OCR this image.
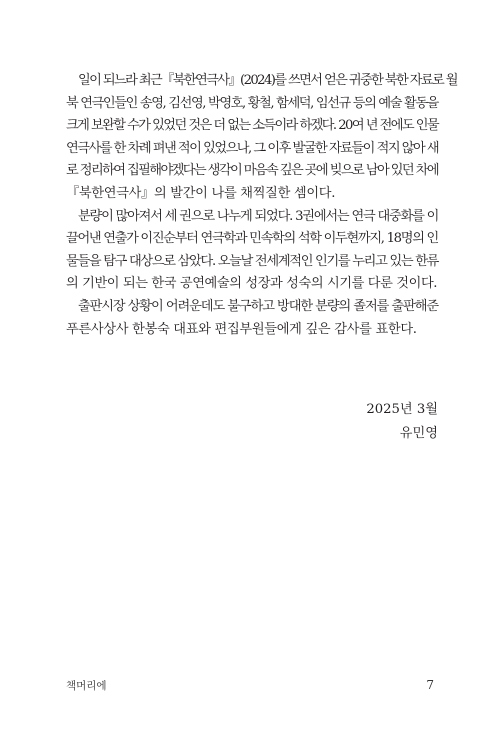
일이 되느라 최근『북한연극사』(2024)를 쓰면서 얻은 귀중한 북한 자료로 월
북 연극인들인 송영, 김선영, 박영호, 황철, 함세덕, 임선규 등의 예술 활동을
크게 보완할 수가 있었던 것은 더 없는 소득이라 하겠다. 20여 년 전에도 인물
연극사를 한 차례 펴낸 적이 있었으나, 그 이후 발굴한 자료들이 적지 않아 새
로 정리하여 집필해야겠다는 생각이 마음속 깊은 곳에 빚으로 남아 있던 차에
『북한연극사』의 발간이 나를 채찍질한 셈이다.
분량이 많아져서 세 권으로 나누게 되었다. 3권에서는 연극 대중화를 이
끌어낸 연출가 이진순부터 연극학과 민속학의 석학 이두현까지, 18명의 인
물들을 탐구 대상으로 삼았다. 오늘날 전세계적인 인기를 누리고 있는 한류
의 기반이 되는 한국 공연예술의 성장과 성숙의 시기를 다룬 것이다.
출판시장 상황이 어려운데도 불구하고 방대한 분량의 졸저를 출판해준
푸른사상사 한봉숙 대표와 편집부원들에게 깊은 감사를 표한다.
2025년 3월
유민영
책머리에	7
